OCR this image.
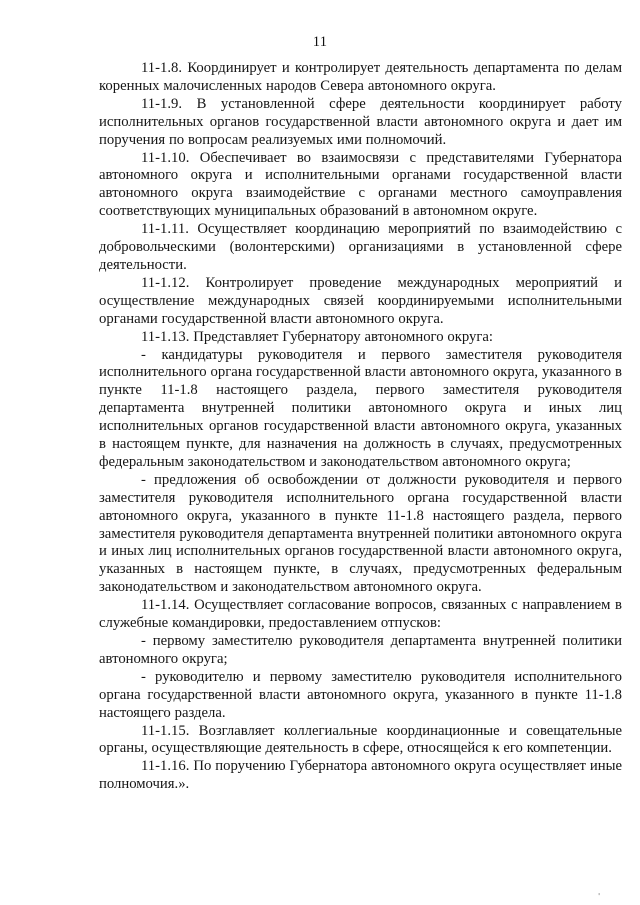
11

11-1.8. Координирует и контролирует деятельность департамента по делам коренных малочисленных народов Севера автономного округа.

11-1.9. В установленной сфере деятельности координирует работу исполнительных органов государственной власти автономного округа и дает им поручения по вопросам реализуемых ими полномочий.

11-1.10. Обеспечивает во взаимосвязи с представителями Губернатора автономного округа и исполнительными органами государственной власти автономного округа взаимодействие с органами местного самоуправления соответствующих муниципальных образований в автономном округе.

11-1.11. Осуществляет координацию мероприятий по взаимодействию с добровольческими (волонтерскими) организациями в установленной сфере деятельности.

11-1.12. Контролирует проведение международных мероприятий и осуществление международных связей координируемыми исполнительными органами государственной власти автономного округа.

11-1.13. Представляет Губернатору автономного округа:

- кандидатуры руководителя и первого заместителя руководителя исполнительного органа государственной власти автономного округа, указанного в пункте 11-1.8 настоящего раздела, первого заместителя руководителя департамента внутренней политики автономного округа и иных лиц исполнительных органов государственной власти автономного округа, указанных в настоящем пункте, для назначения на должность в случаях, предусмотренных федеральным законодательством и законодательством автономного округа;

- предложения об освобождении от должности руководителя и первого заместителя руководителя исполнительного органа государственной власти автономного округа, указанного в пункте 11-1.8 настоящего раздела, первого заместителя руководителя департамента внутренней политики автономного округа и иных лиц исполнительных органов государственной власти автономного округа, указанных в настоящем пункте, в случаях, предусмотренных федеральным законодательством и законодательством автономного округа.

11-1.14. Осуществляет согласование вопросов, связанных с направлением в служебные командировки, предоставлением отпусков:

- первому заместителю руководителя департамента внутренней политики автономного округа;

- руководителю и первому заместителю руководителя исполнительного органа государственной власти автономного округа, указанного в пункте 11-1.8 настоящего раздела.

11-1.15. Возглавляет коллегиальные координационные и совещательные органы, осуществляющие деятельность в сфере, относящейся к его компетенции.

11-1.16. По поручению Губернатора автономного округа осуществляет иные полномочия.».

'
